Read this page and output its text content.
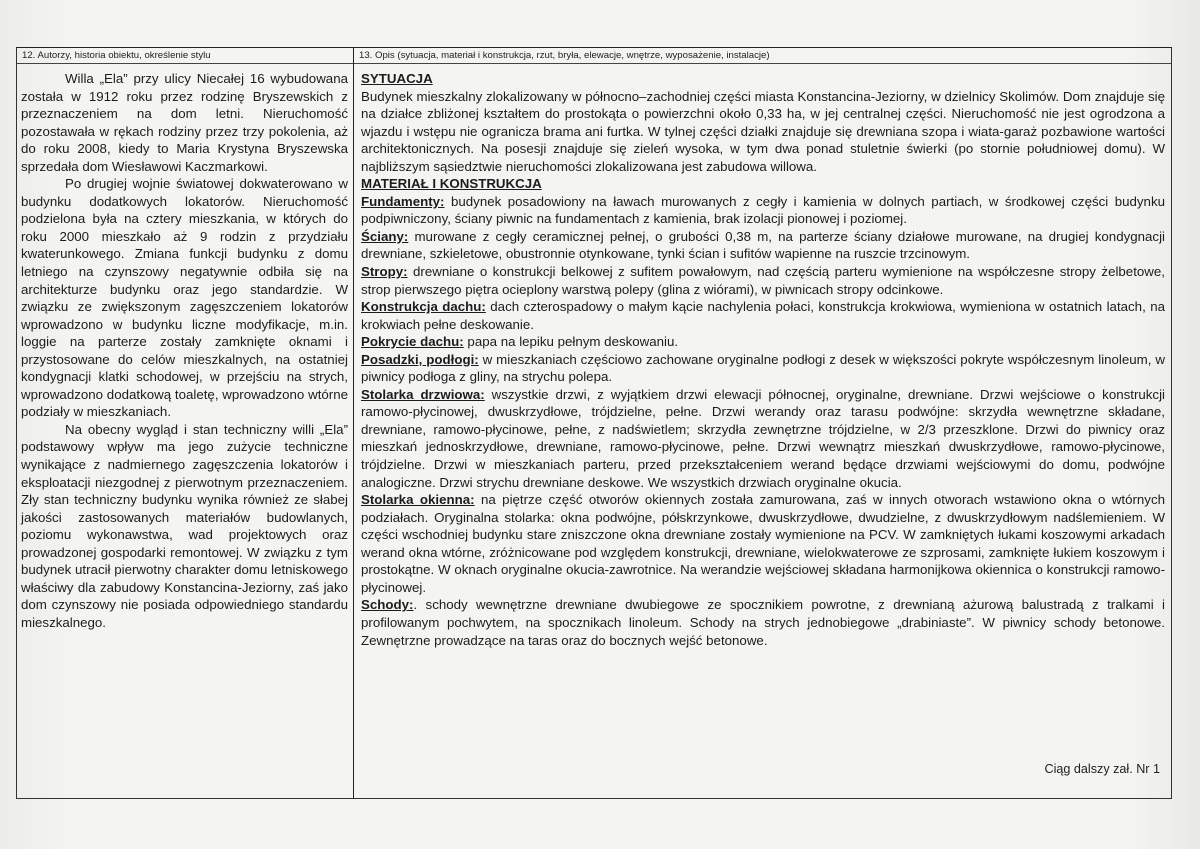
12. Autorzy, historia obiektu, określenie stylu	13. Opis (sytuacja, materiał i konstrukcja, rzut, bryła, elewacje, wnętrze, wyposażenie, instalacje)

Willa „Ela” przy ulicy Niecałej 16 wybudowana została w 1912 roku przez rodzinę Bryszewskich z przeznaczeniem na dom letni. Nieruchomość pozostawała w rękach rodziny przez trzy pokolenia, aż do roku 2008, kiedy to Maria Krystyna Bryszewska sprzedała dom Wiesławowi Kaczmarkowi.

Po drugiej wojnie światowej dokwaterowano w budynku dodatkowych lokatorów. Nieruchomość podzielona była na cztery mieszkania, w których do roku 2000 mieszkało aż 9 rodzin z przydziału kwaterunkowego. Zmiana funkcji budynku z domu letniego na czynszowy negatywnie odbiła się na architekturze budynku oraz jego standardzie. W związku ze zwiększonym zagęszczeniem lokatorów wprowadzono w budynku liczne modyfikacje, m.in. loggie na parterze zostały zamknięte oknami i przystosowane do celów mieszkalnych, na ostatniej kondygnacji klatki schodowej, w przejściu na strych, wprowadzono dodatkową toaletę, wprowadzono wtórne podziały w mieszkaniach.

Na obecny wygląd i stan techniczny willi „Ela” podstawowy wpływ ma jego zużycie techniczne wynikające z nadmiernego zagęszczenia lokatorów i eksploatacji niezgodnej z pierwotnym przeznaczeniem. Zły stan techniczny budynku wynika również ze słabej jakości zastosowanych materiałów budowlanych, poziomu wykonawstwa, wad projektowych oraz prowadzonej gospodarki remontowej. W związku z tym budynek utracił pierwotny charakter domu letniskowego właściwy dla zabudowy Konstancina-Jeziorny, zaś jako dom czynszowy nie posiada odpowiedniego standardu mieszkalnego.

SYTUACJA

Budynek mieszkalny zlokalizowany w północno–zachodniej części miasta Konstancina-Jeziorny, w dzielnicy Skolimów. Dom znajduje się na działce zbliżonej kształtem do prostokąta o powierzchni około 0,33 ha, w jej centralnej części. Nieruchomość nie jest ogrodzona a wjazdu i wstępu nie ogranicza brama ani furtka. W tylnej części działki znajduje się drewniana szopa i wiata-garaż pozbawione wartości architektonicznych. Na posesji znajduje się zieleń wysoka, w tym dwa ponad stuletnie świerki (po stornie południowej domu). W najbliższym sąsiedztwie nieruchomości zlokalizowana jest zabudowa willowa.

MATERIAŁ I KONSTRUKCJA

Fundamenty: budynek posadowiony na ławach murowanych z cegły i kamienia w dolnych partiach, w środkowej części budynku podpiwniczony, ściany piwnic na fundamentach z kamienia, brak izolacji pionowej i poziomej.

Ściany: murowane z cegły ceramicznej pełnej, o grubości 0,38 m, na parterze ściany działowe murowane, na drugiej kondygnacji drewniane, szkieletowe, obustronnie otynkowane, tynki ścian i sufitów wapienne na ruszcie trzcinowym.

Stropy: drewniane o konstrukcji belkowej z sufitem powałowym, nad częścią parteru wymienione na współczesne stropy żelbetowe, strop pierwszego piętra ocieplony warstwą polepy (glina z wiórami), w piwnicach stropy odcinkowe.

Konstrukcja dachu: dach czterospadowy o małym kącie nachylenia połaci, konstrukcja krokwiowa, wymieniona w ostatnich latach, na krokwiach pełne deskowanie.

Pokrycie dachu: papa na lepiku pełnym deskowaniu.

Posadzki, podłogi: w mieszkaniach częściowo zachowane oryginalne podłogi z desek w większości pokryte współczesnym linoleum, w piwnicy podłoga z gliny, na strychu polepa.

Stolarka drzwiowa: wszystkie drzwi, z wyjątkiem drzwi elewacji północnej, oryginalne, drewniane. Drzwi wejściowe o konstrukcji ramowo-płycinowej, dwuskrzydłowe, trójdzielne, pełne. Drzwi werandy oraz tarasu podwójne: skrzydła wewnętrzne składane, drewniane, ramowo-płycinowe, pełne, z nadświetlem; skrzydła zewnętrzne trójdzielne, w 2/3 przeszklone. Drzwi do piwnicy oraz mieszkań jednoskrzydłowe, drewniane, ramowo-płycinowe, pełne. Drzwi wewnątrz mieszkań dwuskrzydłowe, ramowo-płycinowe, trójdzielne. Drzwi w mieszkaniach parteru, przed przekształceniem werand będące drzwiami wejściowymi do domu, podwójne analogiczne. Drzwi strychu drewniane deskowe. We wszystkich drzwiach oryginalne okucia.

Stolarka okienna: na piętrze część otworów okiennych została zamurowana, zaś w innych otworach wstawiono okna o wtórnych podziałach. Oryginalna stolarka: okna podwójne, półskrzynkowe, dwuskrzydłowe, dwudzielne, z dwuskrzydłowym nadślemieniem. W części wschodniej budynku stare zniszczone okna drewniane zostały wymienione na PCV. W zamkniętych łukami koszowymi arkadach werand okna wtórne, zróżnicowane pod względem konstrukcji, drewniane, wielokwaterowe ze szprosami, zamknięte łukiem koszowym i prostokątne. W oknach oryginalne okucia-zawrotnice. Na werandzie wejściowej składana harmonijkowa okiennica o konstrukcji ramowo-płycinowej.

Schody:. schody wewnętrzne drewniane dwubiegowe ze spocznikiem powrotne, z drewnianą ażurową balustradą z tralkami i profilowanym pochwytem, na spocznikach linoleum. Schody na strych jednobiegowe „drabiniaste”. W piwnicy schody betonowe. Zewnętrzne prowadzące na taras oraz do bocznych wejść betonowe.

Ciąg dalszy zał. Nr 1
